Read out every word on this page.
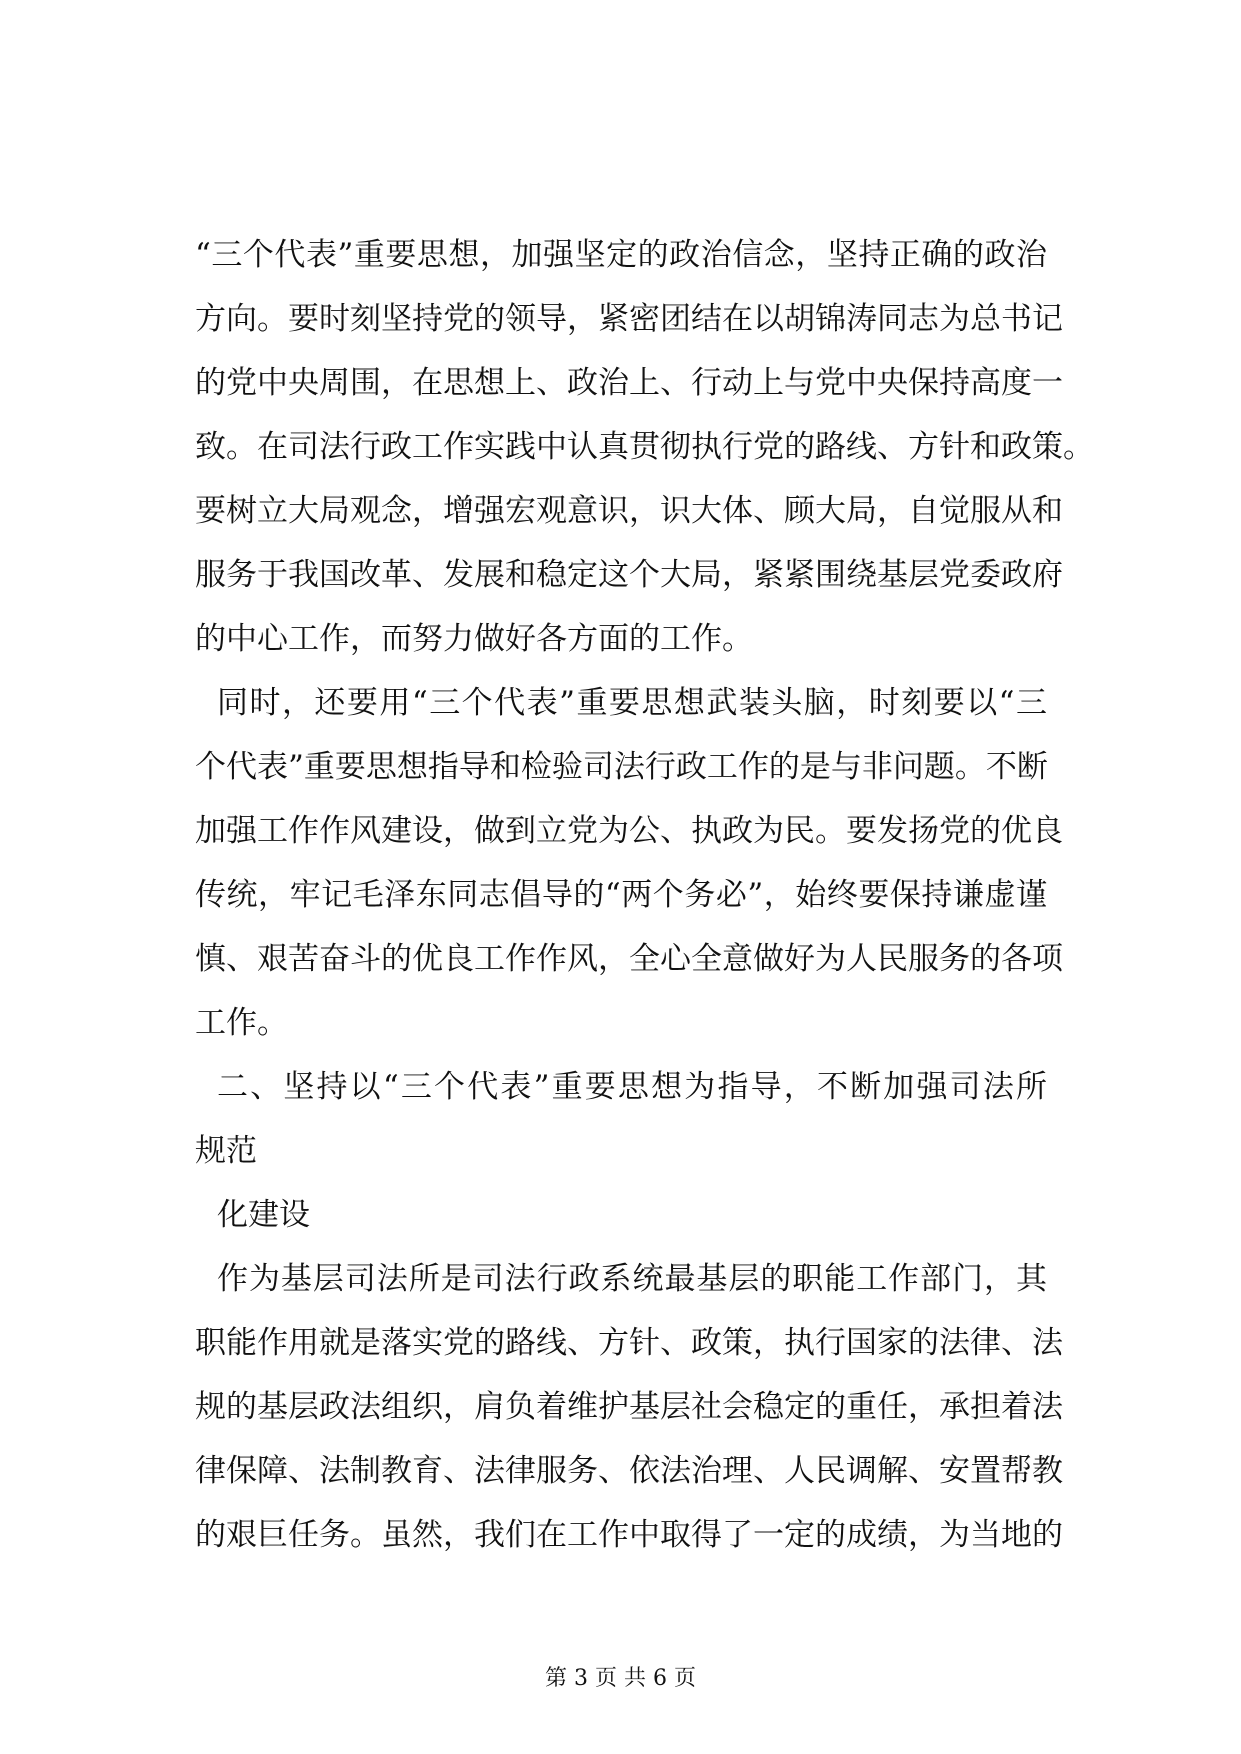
“三个代表”重要思想，加强坚定的政治信念，坚持正确的政治
方向。要时刻坚持党的领导，紧密团结在以胡锦涛同志为总书记
的党中央周围，在思想上、政治上、行动上与党中央保持高度一
致。在司法行政工作实践中认真贯彻执行党的路线、方针和政策。
要树立大局观念，增强宏观意识，识大体、顾大局，自觉服从和
服务于我国改革、发展和稳定这个大局，紧紧围绕基层党委政府
的中心工作，而努力做好各方面的工作。
同时，还要用“三个代表”重要思想武装头脑，时刻要以“三
个代表”重要思想指导和检验司法行政工作的是与非问题。不断
加强工作作风建设，做到立党为公、执政为民。要发扬党的优良
传统，牢记毛泽东同志倡导的“两个务必”，始终要保持谦虚谨
慎、艰苦奋斗的优良工作作风，全心全意做好为人民服务的各项
工作。
二、坚持以“三个代表”重要思想为指导，不断加强司法所
规范
化建设
作为基层司法所是司法行政系统最基层的职能工作部门，其
职能作用就是落实党的路线、方针、政策，执行国家的法律、法
规的基层政法组织，肩负着维护基层社会稳定的重任，承担着法
律保障、法制教育、法律服务、依法治理、人民调解、安置帮教
的艰巨任务。虽然，我们在工作中取得了一定的成绩，为当地的
第 3 页 共 6 页
